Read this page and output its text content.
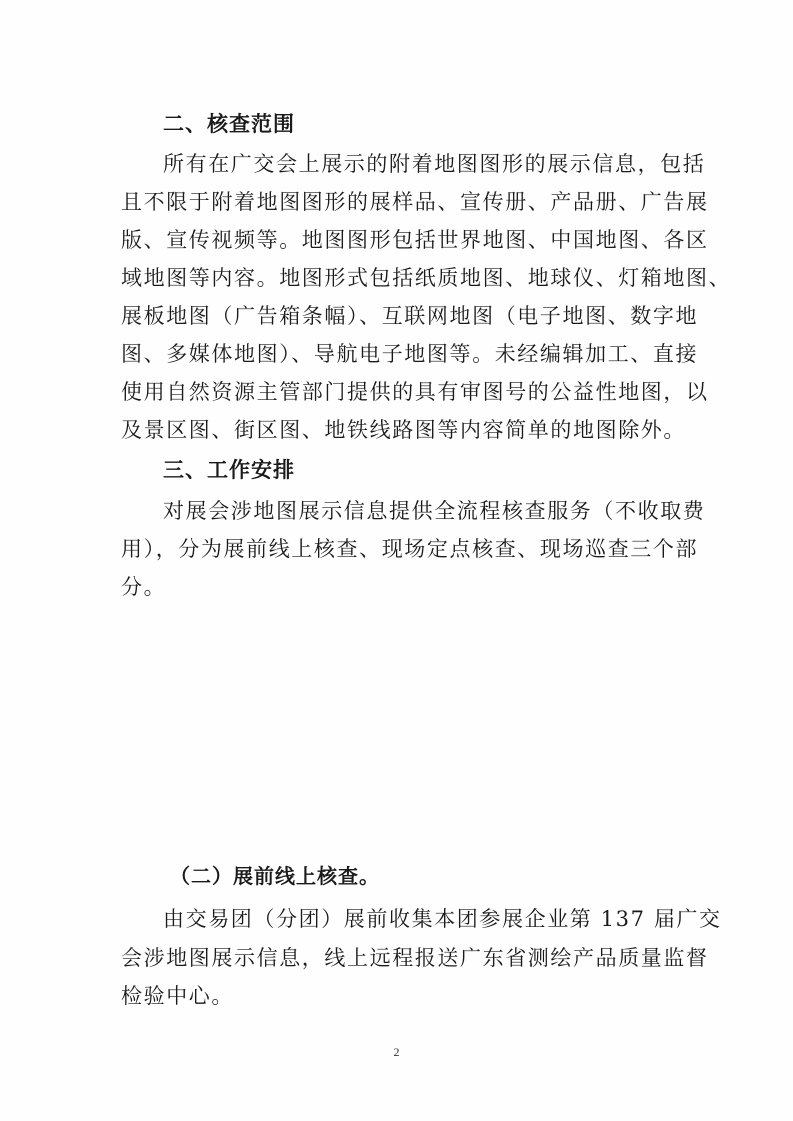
二、核查范围
所有在广交会上展示的附着地图图形的展示信息，包括
且不限于附着地图图形的展样品、宣传册、产品册、广告展
版、宣传视频等。地图图形包括世界地图、中国地图、各区
域地图等内容。地图形式包括纸质地图、地球仪、灯箱地图、
展板地图（广告箱条幅）、互联网地图（电子地图、数字地
图、多媒体地图）、导航电子地图等。未经编辑加工、直接
使用自然资源主管部门提供的具有审图号的公益性地图，以
及景区图、街区图、地铁线路图等内容简单的地图除外。
三、工作安排
对展会涉地图展示信息提供全流程核查服务（不收取费
用），分为展前线上核查、现场定点核查、现场巡查三个部
分。
（二）展前线上核查。
由交易团（分团）展前收集本团参展企业第 137 届广交
会涉地图展示信息，线上远程报送广东省测绘产品质量监督
检验中心。
2
